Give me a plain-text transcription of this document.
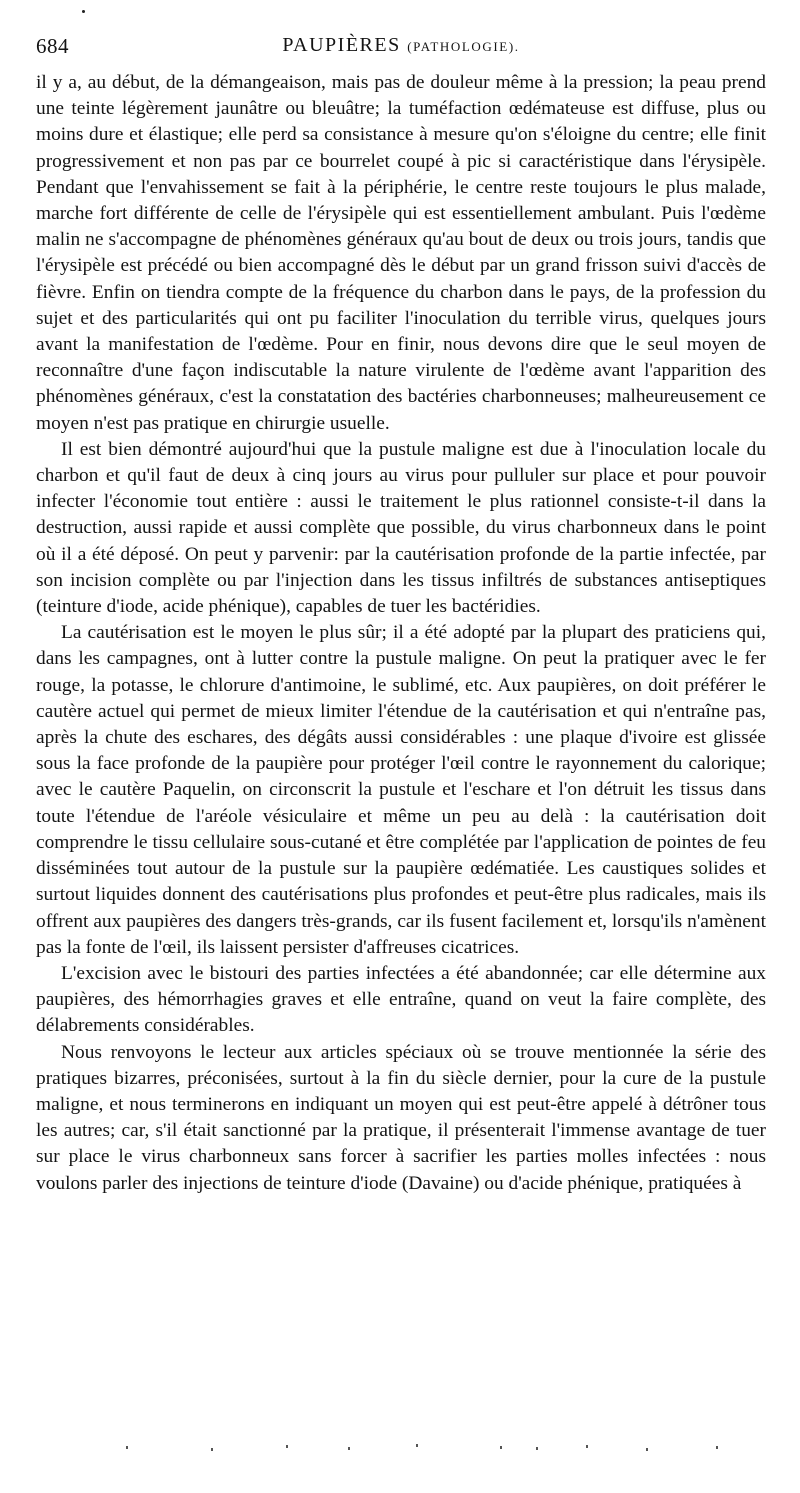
684	PAUPIÈRES (PATHOLOGIE).

il y a, au début, de la démangeaison, mais pas de douleur même à la pression; la peau prend une teinte légèrement jaunâtre ou bleuâtre; la tuméfaction œdémateuse est diffuse, plus ou moins dure et élastique; elle perd sa consistance à mesure qu'on s'éloigne du centre; elle finit progressivement et non pas par ce bourrelet coupé à pic si caractéristique dans l'érysipèle. Pendant que l'envahissement se fait à la périphérie, le centre reste toujours le plus malade, marche fort différente de celle de l'érysipèle qui est essentiellement ambulant. Puis l'œdème malin ne s'accompagne de phénomènes généraux qu'au bout de deux ou trois jours, tandis que l'érysipèle est précédé ou bien accompagné dès le début par un grand frisson suivi d'accès de fièvre. Enfin on tiendra compte de la fréquence du charbon dans le pays, de la profession du sujet et des particularités qui ont pu faciliter l'inoculation du terrible virus, quelques jours avant la manifestation de l'œdème. Pour en finir, nous devons dire que le seul moyen de reconnaître d'une façon indiscutable la nature virulente de l'œdème avant l'apparition des phénomènes généraux, c'est la constatation des bactéries charbonneuses; malheureusement ce moyen n'est pas pratique en chirurgie usuelle.

Il est bien démontré aujourd'hui que la pustule maligne est due à l'inoculation locale du charbon et qu'il faut de deux à cinq jours au virus pour pulluler sur place et pour pouvoir infecter l'économie tout entière : aussi le traitement le plus rationnel consiste-t-il dans la destruction, aussi rapide et aussi complète que possible, du virus charbonneux dans le point où il a été déposé. On peut y parvenir: par la cautérisation profonde de la partie infectée, par son incision complète ou par l'injection dans les tissus infiltrés de substances antiseptiques (teinture d'iode, acide phénique), capables de tuer les bactéridies.

La cautérisation est le moyen le plus sûr; il a été adopté par la plupart des praticiens qui, dans les campagnes, ont à lutter contre la pustule maligne. On peut la pratiquer avec le fer rouge, la potasse, le chlorure d'antimoine, le sublimé, etc. Aux paupières, on doit préférer le cautère actuel qui permet de mieux limiter l'étendue de la cautérisation et qui n'entraîne pas, après la chute des eschares, des dégâts aussi considérables : une plaque d'ivoire est glissée sous la face profonde de la paupière pour protéger l'œil contre le rayonnement du calorique; avec le cautère Paquelin, on circonscrit la pustule et l'eschare et l'on détruit les tissus dans toute l'étendue de l'aréole vésiculaire et même un peu au delà : la cautérisation doit comprendre le tissu cellulaire sous-cutané et être complétée par l'application de pointes de feu disséminées tout autour de la pustule sur la paupière œdématiée. Les caustiques solides et surtout liquides donnent des cautérisations plus profondes et peut-être plus radicales, mais ils offrent aux paupières des dangers très-grands, car ils fusent facilement et, lorsqu'ils n'amènent pas la fonte de l'œil, ils laissent persister d'affreuses cicatrices.

L'excision avec le bistouri des parties infectées a été abandonnée; car elle détermine aux paupières, des hémorrhagies graves et elle entraîne, quand on veut la faire complète, des délabrements considérables.

Nous renvoyons le lecteur aux articles spéciaux où se trouve mentionnée la série des pratiques bizarres, préconisées, surtout à la fin du siècle dernier, pour la cure de la pustule maligne, et nous terminerons en indiquant un moyen qui est peut-être appelé à détrôner tous les autres; car, s'il était sanctionné par la pratique, il présenterait l'immense avantage de tuer sur place le virus charbonneux sans forcer à sacrifier les parties molles infectées : nous voulons parler des injections de teinture d'iode (Davaine) ou d'acide phénique, pratiquées à
